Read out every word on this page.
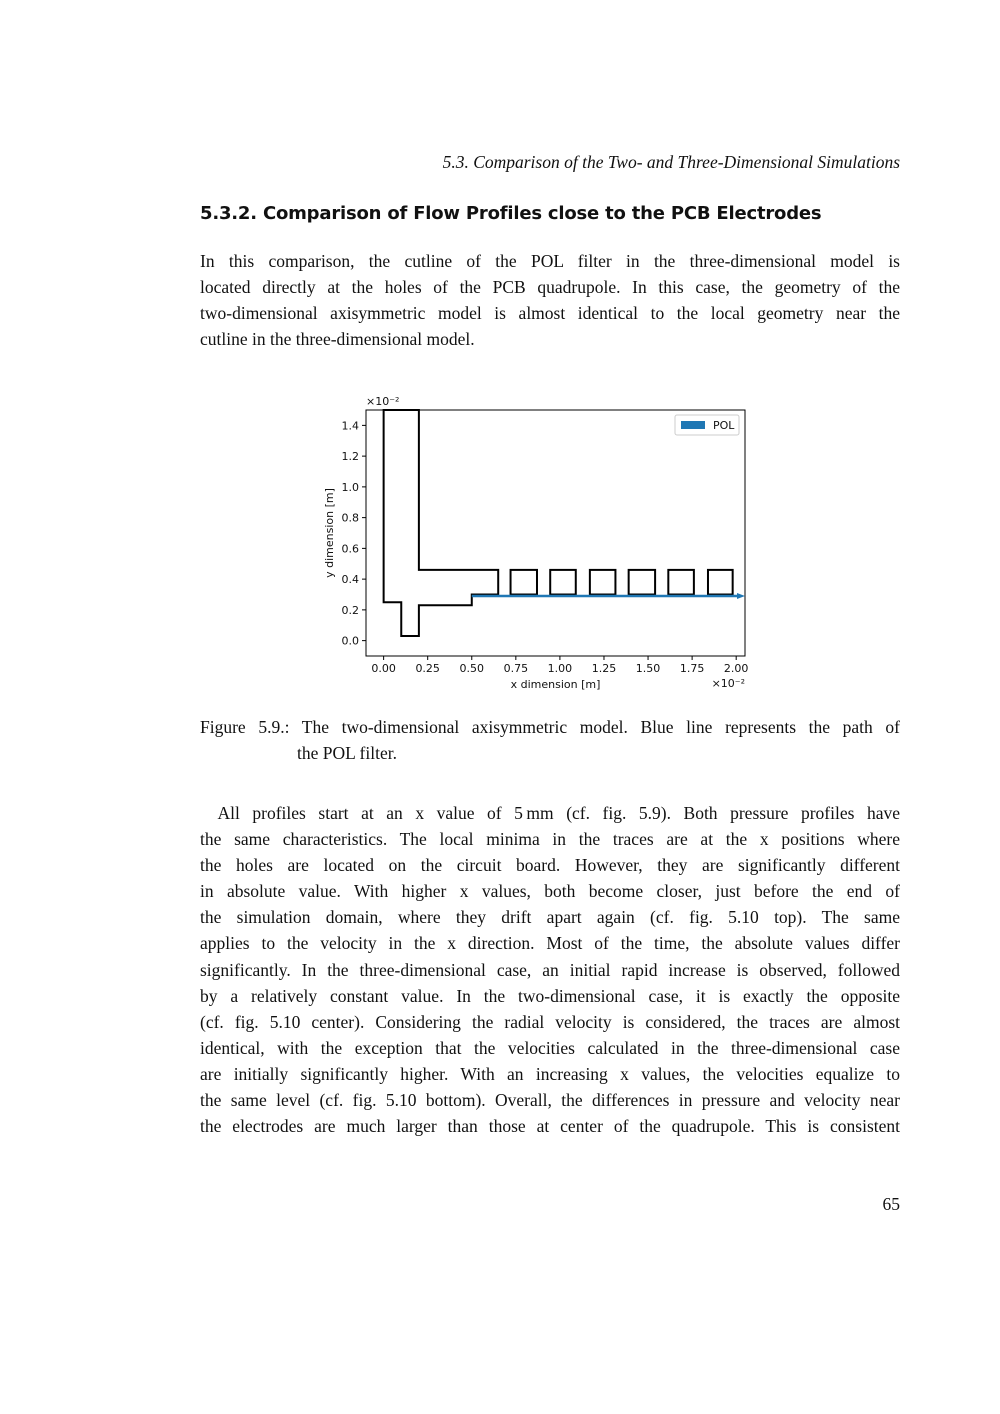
5.3. Comparison of the Two- and Three-Dimensional Simulations
5.3.2. Comparison of Flow Profiles close to the PCB Electrodes
In this comparison, the cutline of the POL filter in the three-dimensional model is
located directly at the holes of the PCB quadrupole. In this case, the geometry of the
two-dimensional axisymmetric model is almost identical to the local geometry near the
cutline in the three-dimensional model.
0.00 0.25 0.50 0.75 1.00 1.25 1.50 1.75 2.00
0.0
0.2
0.4
0.6
0.8
1.0
1.2
1.4
x dimension [m]
y dimension [m]
×10⁻²
×10⁻²
POL
Figure 5.9.: The two-dimensional axisymmetric model. Blue line represents the path of
the POL filter.
 All profiles start at an x value of 5 mm (cf. fig. 5.9). Both pressure profiles have
the same characteristics. The local minima in the traces are at the x positions where
the holes are located on the circuit board. However, they are significantly different
in absolute value. With higher x values, both become closer, just before the end of
the simulation domain, where they drift apart again (cf. fig. 5.10 top). The same
applies to the velocity in the x direction. Most of the time, the absolute values differ
significantly. In the three-dimensional case, an initial rapid increase is observed, followed
by a relatively constant value. In the two-dimensional case, it is exactly the opposite
(cf. fig. 5.10 center). Considering the radial velocity is considered, the traces are almost
identical, with the exception that the velocities calculated in the three-dimensional case
are initially significantly higher. With an increasing x values, the velocities equalize to
the same level (cf. fig. 5.10 bottom). Overall, the differences in pressure and velocity near
the electrodes are much larger than those at center of the quadrupole. This is consistent
65
